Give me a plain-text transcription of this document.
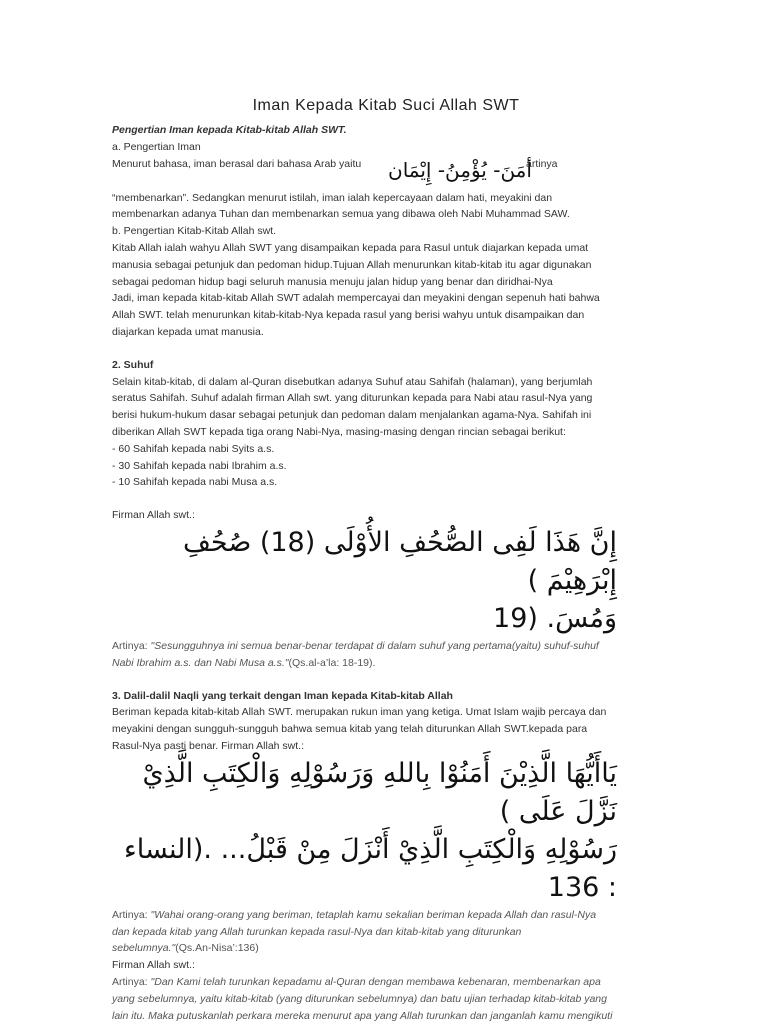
Iman Kepada Kitab Suci Allah SWT

Pengertian Iman kepada Kitab-kitab Allah SWT.

a. Pengertian Iman

Menurut bahasa, iman berasal dari bahasa Arab yaitu أمَنَ- يُؤْمِنُ- إِيْمَان
artinya

“membenarkan”. Sedangkan menurut istilah, iman ialah kepercayaan dalam hati, meyakini dan

membenarkan adanya Tuhan dan membenarkan semua yang dibawa oleh Nabi Muhammad SAW.

b. Pengertian Kitab-Kitab Allah swt.

Kitab Allah ialah wahyu Allah SWT yang disampaikan kepada para Rasul untuk diajarkan kepada umat

manusia sebagai petunjuk dan pedoman hidup.Tujuan Allah menurunkan kitab-kitab itu agar digunakan

sebagai pedoman hidup bagi seluruh manusia menuju jalan hidup yang benar dan diridhai-Nya

Jadi, iman kepada kitab-kitab Allah SWT adalah mempercayai dan meyakini dengan sepenuh hati bahwa

Allah SWT. telah menurunkan kitab-kitab-Nya kepada rasul yang berisi wahyu untuk disampaikan dan

diajarkan kepada umat manusia.

2. Suhuf

Selain kitab-kitab, di dalam al-Quran disebutkan adanya Suhuf atau Sahifah (halaman), yang berjumlah

seratus Sahifah. Suhuf adalah firman Allah swt. yang diturunkan kepada para Nabi atau rasul-Nya yang

berisi hukum-hukum dasar sebagai petunjuk dan pedoman dalam menjalankan agama-Nya. Sahifah ini

diberikan Allah SWT kepada tiga orang Nabi-Nya, masing-masing dengan rincian sebagai berikut:

- 60 Sahifah kepada nabi Syits a.s.

- 30 Sahifah kepada nabi Ibrahim a.s.

- 10 Sahifah kepada nabi Musa a.s.

Firman Allah swt.:

إِنَّ هَذَا لَفِى الصُّحُفِ الأُوْلَى (18) صُحُفِ إِبْرَهِيْمَ )

وَمُسَ. (19

Artinya: "Sesungguhnya ini semua benar-benar terdapat di dalam suhuf yang pertama(yaitu) suhuf-suhuf
Nabi Ibrahim a.s. dan Nabi Musa a.s."(Qs.al-a’la: 18-19).

3. Dalil-dalil Naqli yang terkait dengan Iman kepada Kitab-kitab Allah

Beriman kepada kitab-kitab Allah SWT. merupakan rukun iman yang ketiga. Umat Islam wajib percaya dan

meyakini dengan sungguh-sungguh bahwa semua kitab yang telah diturunkan Allah SWT.kepada para

Rasul-Nya pasti benar. Firman Allah swt.:

يَاأَيُّهَا الَّذِيْنَ أَمَنُوْا بِاللهِ وَرَسُوْلِهِ وَالْكِتَبِ الَّذِيْ نَزَّلَ عَلَى )

رَسُوْلِهِ وَالْكِتَبِ الَّذِيْ أَنْزَلَ مِنْ قَبْلُ... .(النساء : 136

Artinya: "Wahai orang-orang yang beriman, tetaplah kamu sekalian beriman kepada Allah dan rasul-Nya
dan kepada kitab yang Allah turunkan kepada rasul-Nya dan kitab-kitab yang diturunkan
sebelumnya."(Qs.An-Nisa’:136)

Firman Allah swt.:

Artinya: "Dan Kami telah turunkan kepadamu al-Quran dengan membawa kebenaran, membenarkan apa
yang sebelumnya, yaitu kitab-kitab (yang diturunkan sebelumnya) dan batu ujian terhadap kitab-kitab yang
lain itu. Maka putuskanlah perkara mereka menurut apa yang Allah turunkan dan janganlah kamu mengikuti
